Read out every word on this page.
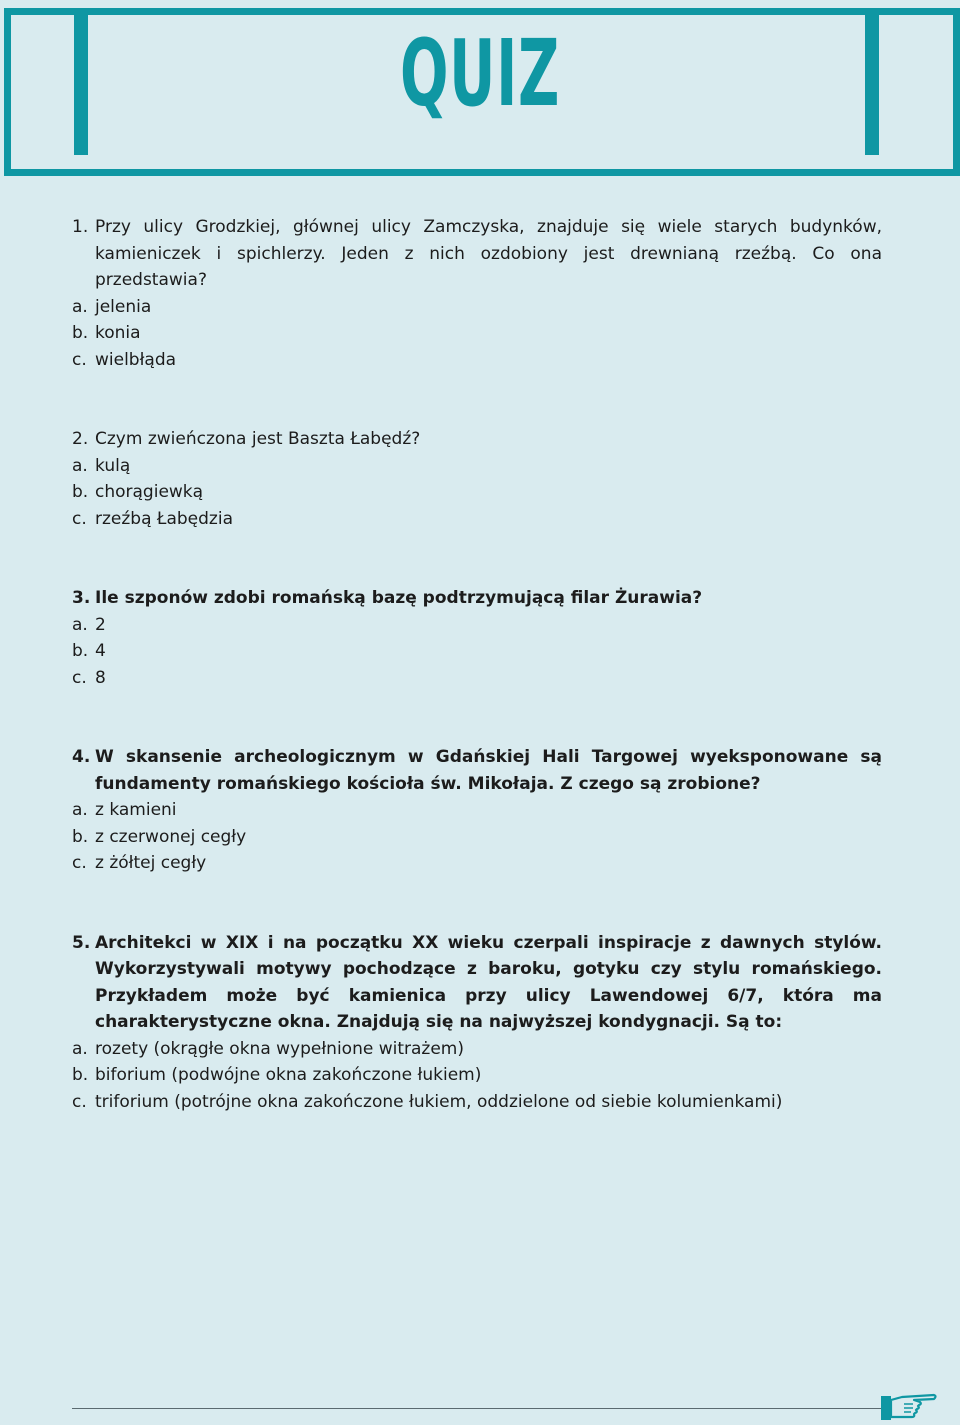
QUIZ
1. Przy ulicy Grodzkiej, głównej ulicy Zamczyska, znajduje się wiele starych budynków, kamieniczek i spichlerzy. Jeden z nich ozdobiony jest drewnianą rzeźbą. Co ona przedstawia?
a. jelenia
b. konia
c. wielbłąda
2. Czym zwieńczona jest Baszta Łabędź?
a. kulą
b. chorągiewką
c. rzeźbą Łabędzia
3. Ile szponów zdobi romańską bazę podtrzymującą filar Żurawia?
a. 2
b. 4
c. 8
4. W skansenie archeologicznym w Gdańskiej Hali Targowej wyeksponowane są fundamenty romańskiego kościoła św. Mikołaja. Z czego są zrobione?
a. z kamieni
b. z czerwonej cegły
c. z żółtej cegły
5. Architekci w XIX i na początku XX wieku czerpali inspiracje z dawnych stylów. Wykorzystywali motywy pochodzące z baroku, gotyku czy stylu romańskiego. Przykładem może być kamienica przy ulicy Lawendowej 6/7, która ma charakterystyczne okna. Znajdują się na najwyższej kondygnacji. Są to:
a. rozety (okrągłe okna wypełnione witrażem)
b. biforium (podwójne okna zakończone łukiem)
c. triforium (potrójne okna zakończone łukiem, oddzielone od siebie kolumienkami)
